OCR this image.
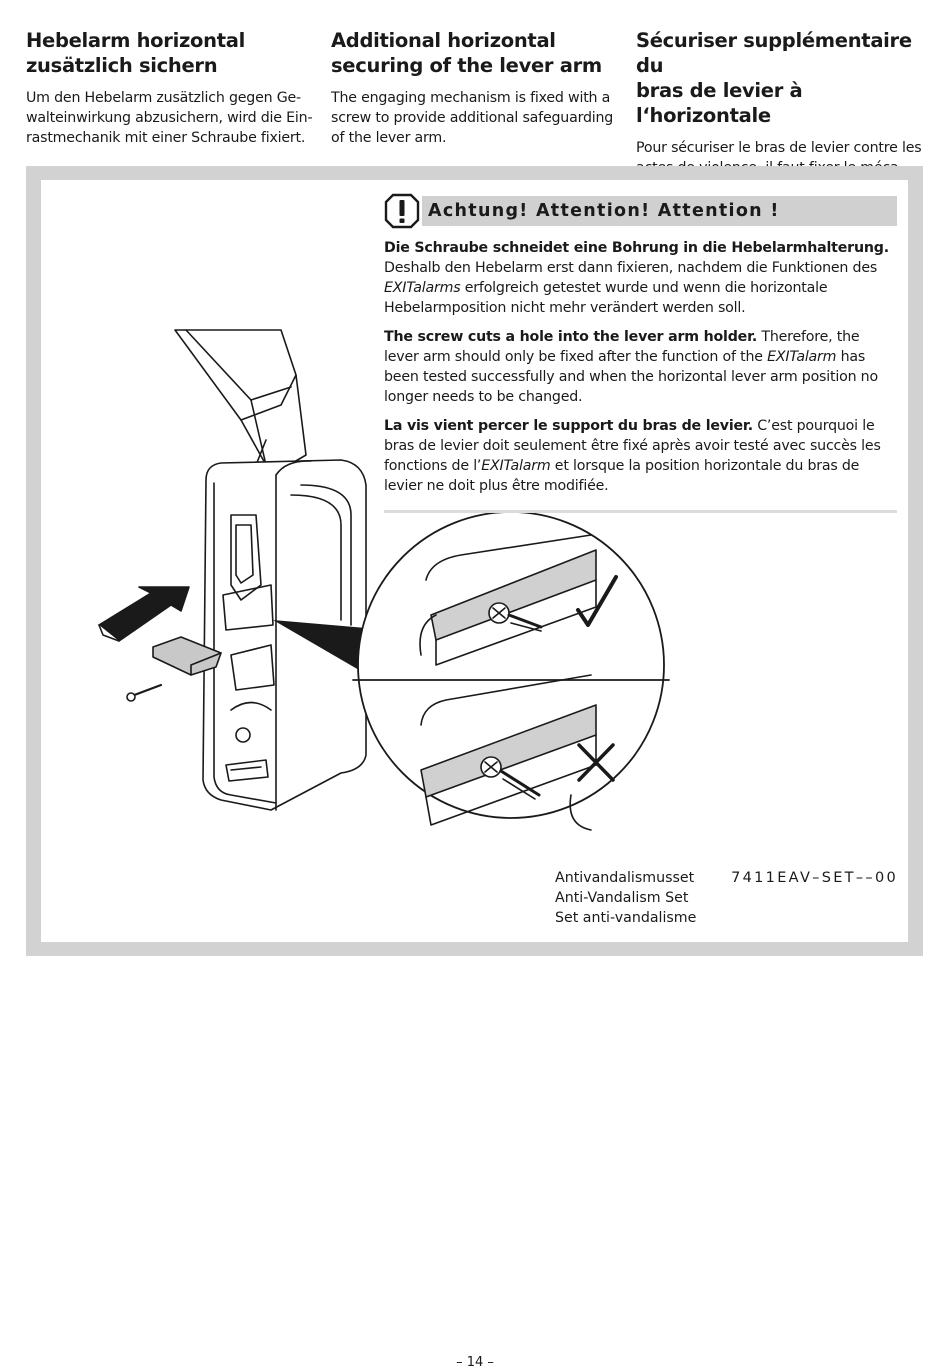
Hebelarm horizontal
zusätzlich sichern

Um den Hebelarm zusätzlich gegen Gewalteinwirkung abzusichern, wird die Einrastmechanik mit einer Schraube fixiert.

Additional horizontal
securing of the lever arm

The engaging mechanism is fixed with a screw to provide additional safeguarding of the lever arm.

Sécuriser supplémentaire du
bras de levier à l‘horizontale

Pour sécuriser le bras de levier contre les

Achtung! Attention! Attention !

Die Schraube schneidet eine Bohrung in die Hebelarmhalterung. Deshalb den Hebelarm erst dann fixieren, nachdem die Funktionen des EXITalarms erfolgreich getestet wurde und wenn die horizontale Hebelarmposition nicht mehr verändert werden soll.

The screw cuts a hole into the lever arm holder. Therefore, the lever arm should only be fixed after the function of the EXITalarm has been tested successfully and when the horizontal lever arm position no longer needs to be changed.

La vis vient percer le support du bras de levier. C’est pourquoi le bras de levier doit seulement être fixé après avoir testé avec succès les fonctions de l’EXITalarm et lorsque la position horizontale du bras de levier ne doit plus être modifiée.

Antivandalismusset
Anti-Vandalism Set
Set anti-vandalisme
7411EAV–SET––00
– 14 –
